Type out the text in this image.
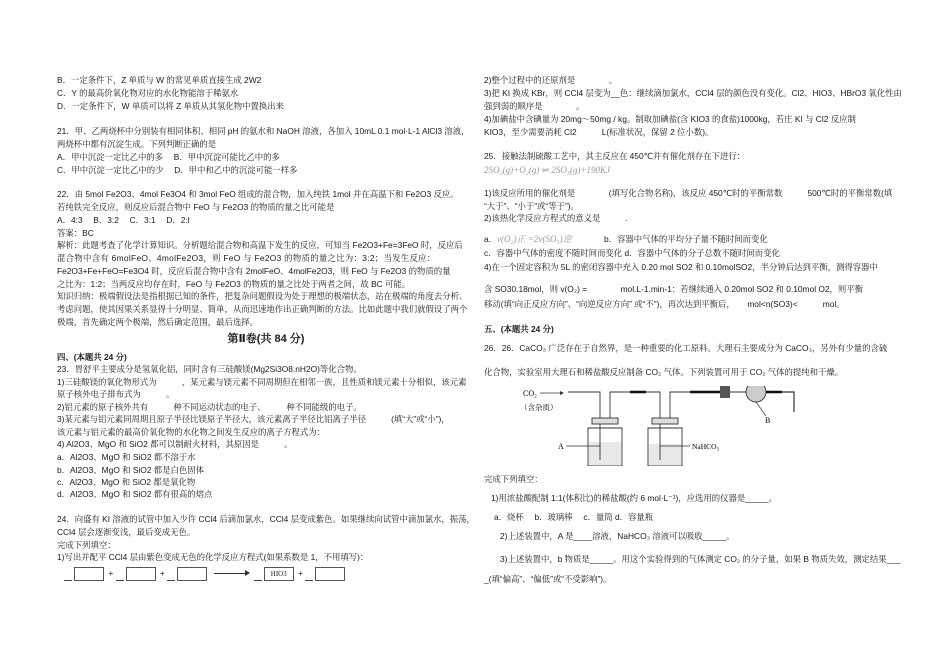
B．一定条件下，Z 单质与 W 的常见单质直接生成 2W2
C．Y 的最高价氧化物对应的水化物能溶于稀氨水
D．一定条件下，W 单质可以将 Z 单质从其氢化物中置换出来
21．甲、乙两烧杯中分别装有相同体积、相同 pH 的氨水和 NaOH 溶液，各加入 10mL 0.1 mol·L-1 AlCl3 溶液，
两烧杯中都有沉淀生成。下列判断正确的是
A．甲中沉淀一定比乙中的多　 B．甲中沉淀可能比乙中的多
C．甲中沉淀一定比乙中的少　 D．甲中和乙中的沉淀可能一样多
22．由 5mol Fe2O3、4mol Fe3O4 和 3mol FeO 组成的混合物，加入纯铁 1mol 并在高温下和 Fe2O3 反应。
若纯铁完全反应，则反应后混合物中 FeO 与 Fe2O3 的物质的量之比可能是
A．4:3　 B．3:2　 C．3:1　 D．2:l
答案：BC
解析：此题考查了化学计算知识。分析题给混合物和高温下发生的反应，可知当 Fe2O3+Fe=3FeO 时，反应后
混合物中含有 6molFeO、4molFe2O3，则 FeO 与 Fe2O3 的物质的量之比为：3:2；当发生反应：
Fe2O3+Fe+FeO=Fe3O4 时，反应后混合物中含有 2molFeO、4molFe2O3，则 FeO 与 Fe2O3 的物质的量
之比为：1:2；当两反应均存在时，FeO 与 Fe2O3 的物质的量之比处于两者之间，故 BC 可能。
知识归纳：极端假设法是指根据已知的条件，把复杂问题假设为处于理想的极端状态，站在极端的角度去分析、
考虑问题，使其因果关系显得十分明显、简单，从而迅速地作出正确判断的方法。比如此题中我们就假设了两个
极端，首先确定两个极端，然后确定范围，最后选择。
第Ⅱ卷(共 84 分)
四、(本题共 24 分)
23．胃舒平主要成分是氢氧化铝，同时含有三硅酸镁(Mg2Si3O8.nH2O)等化合物。
1)三硅酸镁的氧化物形式为　　　，某元素与镁元素不同周期但在相邻一族，且性质和镁元素十分相似，该元素
原子核外电子排布式为　　　。
2)铝元素的原子核外共有　　　种不同运动状态的电子、　　　种不同能级的电子。
3)某元素与铝元素同周期且原子半径比镁原子半径大，该元素离子半径比铝离子半径　　　(填“大”或“小”)，
该元素与铝元素的最高价氧化物的水化物之间发生反应的离子方程式为：
4) Al2O3、MgO 和 SiO2 都可以制耐火材料，其原因是　　　。
a．Al2O3、MgO 和 SiO2 都不溶于水
b．Al2O3、MgO 和 SiO2 都是白色固体
c．Al2O3、MgO 和 SiO2 都是氧化物
d．Al2O3、MgO 和 SiO2 都有很高的熔点
24．向盛有 KI 溶液的试管中加入少许 CCl4 后滴加氯水，CCl4 层变成紫色。如果继续向试管中滴加氯水，振荡，
CCl4 层会逐渐变浅，最后变成无色。
完成下列填空：
1)写出并配平 CCl4 层由紫色变成无色的化学反应方程式(如果系数是 1，不用填写)：
+	+	HIO3 +
2)整个过程中的还原剂是　　　　。
3)把 KI 换成 KBr，则 CCl4 层变为__色：继续滴加氯水，CCl4 层的颜色没有变化。Cl2、HIO3、HBrO3 氧化性由
强到弱的顺序是　　　　。
4)加碘盐中含碘量为 20mg～50mg / kg。制取加碘盐(含 KIO3 的食盐)1000kg，若庄 KI 与 Cl2 反应制
KIO3，至少需要消耗 Cl2　　　L(标准状况，保留 2 位小数)。
25．接触法制硫酸工艺中，其主反应在 450℃并有催化剂存在下进行：
2SO₂(g)+O₂(g) ⇌ 2SO₃(g)+190KJ
1)该反应所用的催化剂是　　　　(填写化合物名称)，该反应 450℃时的平衡常数　　　500℃时的平衡常数(填
“大于”、“小于”或“等于”)。
2)该热化学反应方程式的意义是　　　.
a．v(O₂)正 =2v(SO₃)逆	b．容器中气体的平均分子量不随时间而变化
c．容器中气体的密度不随时间而变化 d．容器中气体的分子总数不随时间而变化
4)在一个固定容积为 5L 的密闭容器中充入 0.20 mol SO2 和 0.10molSO2，半分钟后达到平衡，测得容器中
含 SO30.18mol，则 v(O₂) =　　　　mol.L-1.min-1：若继续通入 0.20mol SO2 和 0.10mol O2，则平衡
移动(填“向正反应方向”、“向逆反应方向” 或“不”)，再次达到平衡后，　　mol<n(SO3)<　　　mol。
五、(本题共 24 分)
26．26．CaCO₃ 广泛存在于自然界，是一种重要的化工原料。大理石主要成分为 CaCO₃，另外有少量的含硫
化合物，实验室用大理石和稀盐酸反应制备 CO₂ 气体。下列装置可用于 CO₂ 气体的提纯和干燥。
CO₂
（含杂质）
B
A	NaHCO₃
完成下列填空：
1)用浓盐酸配制 1:1(体积比)的稀盐酸(约 6 mol·L⁻¹)，应选用的仪器是_____。
a．烧杯　 b．玻璃棒　 c．量筒 d．容量瓶
2)上述装置中，A 是____溶液，NaHCO₃ 溶液可以吸收_____。
3)上述装置中，b 物质是_____。用这个实验得到的气体测定 CO₂ 的分子量，如果 B 物质失效，测定结果___
_(填“偏高”、“偏低”或“不受影响”)。
